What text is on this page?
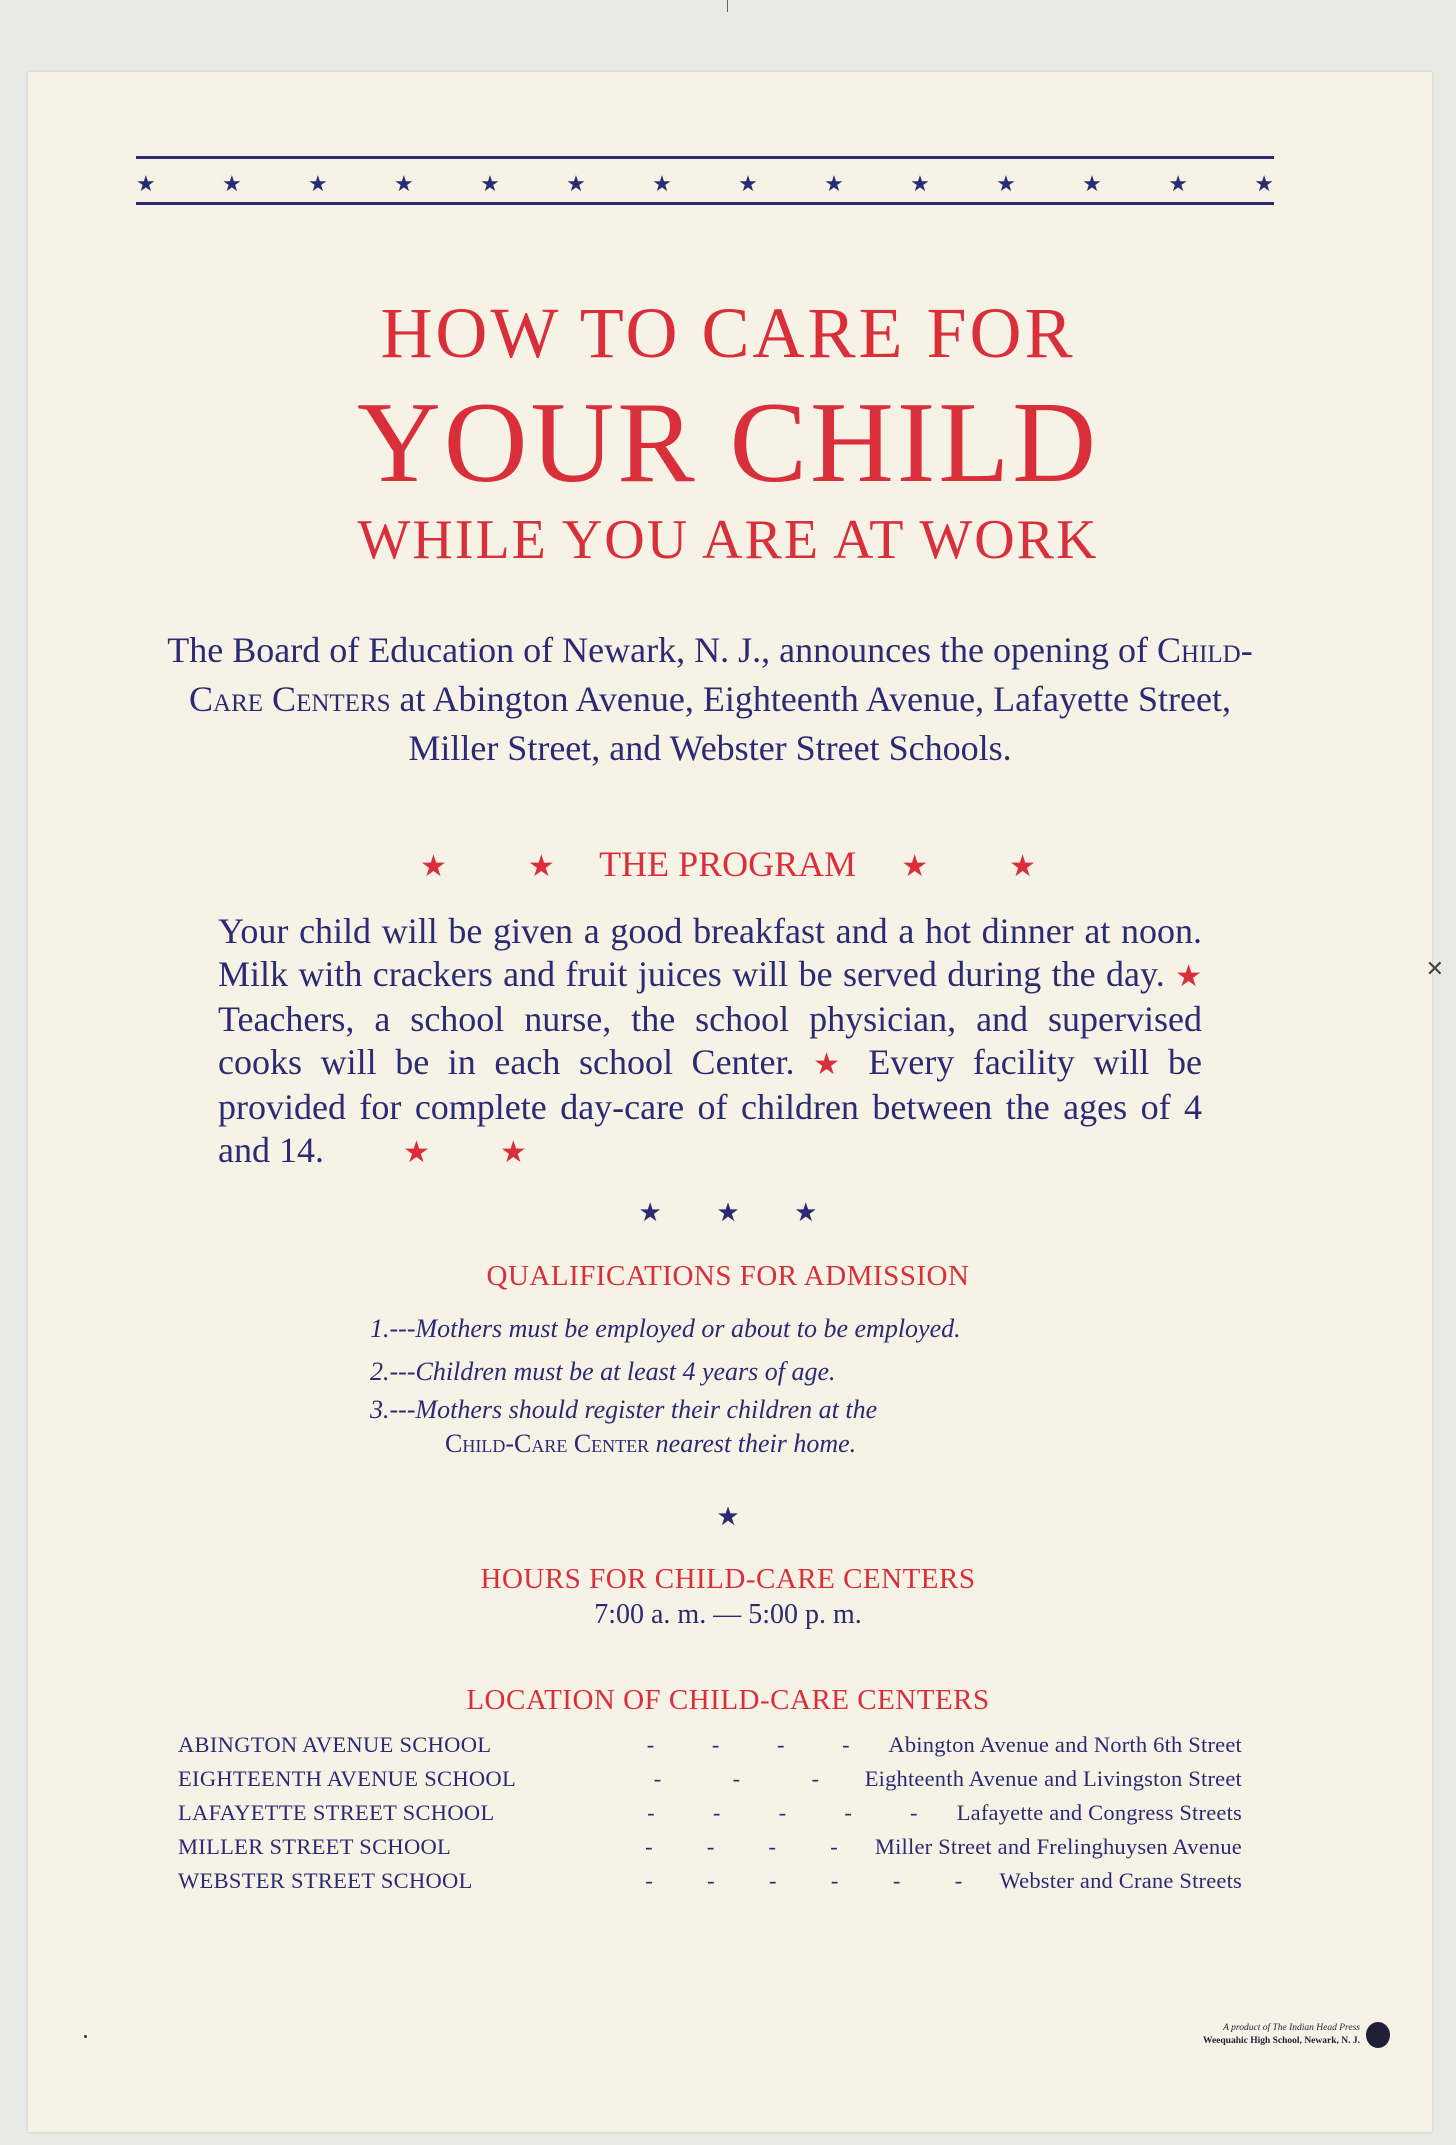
★	★	★	★	★	★	★	★	★	★	★	★	★	★
HOW TO CARE FOR
YOUR CHILD
WHILE YOU ARE AT WORK
The Board of Education of Newark, N. J., announces the opening of Child-Care Centers at Abington Avenue, Eighteenth Avenue, Lafayette Street, Miller Street, and Webster Street Schools.
★	★ THE PROGRAM ★	★
Your child will be given a good breakfast and a hot dinner at noon. Milk with crackers and fruit juices will be served during the day. ★ Teachers, a school nurse, the school physician, and supervised cooks will be in each school Center. ★ Every facility will be provided for complete day-care of children between the ages of 4 and 14.	★ ★
★ ★ ★
QUALIFICATIONS FOR ADMISSION
1.---Mothers must be employed or about to be employed.
2.---Children must be at least 4 years of age.
3.---Mothers should register their children at the
Child-Care Center nearest their home.
★
HOURS FOR CHILD-CARE CENTERS
7:00 a. m. — 5:00 p. m.
LOCATION OF CHILD-CARE CENTERS
ABINGTON AVENUE SCHOOL	-	-	-	- Abington Avenue and North 6th Street
EIGHTEENTH AVENUE SCHOOL	-	-	- Eighteenth Avenue and Livingston Street
LAFAYETTE STREET SCHOOL	-	-	-	-	- Lafayette and Congress Streets
MILLER STREET SCHOOL	- - - - Miller Street and Frelinghuysen Avenue
WEBSTER STREET SCHOOL	- - - - - - Webster and Crane Streets
A product of The Indian Head Press
Weequahic High School, Newark, N. J.
✕
